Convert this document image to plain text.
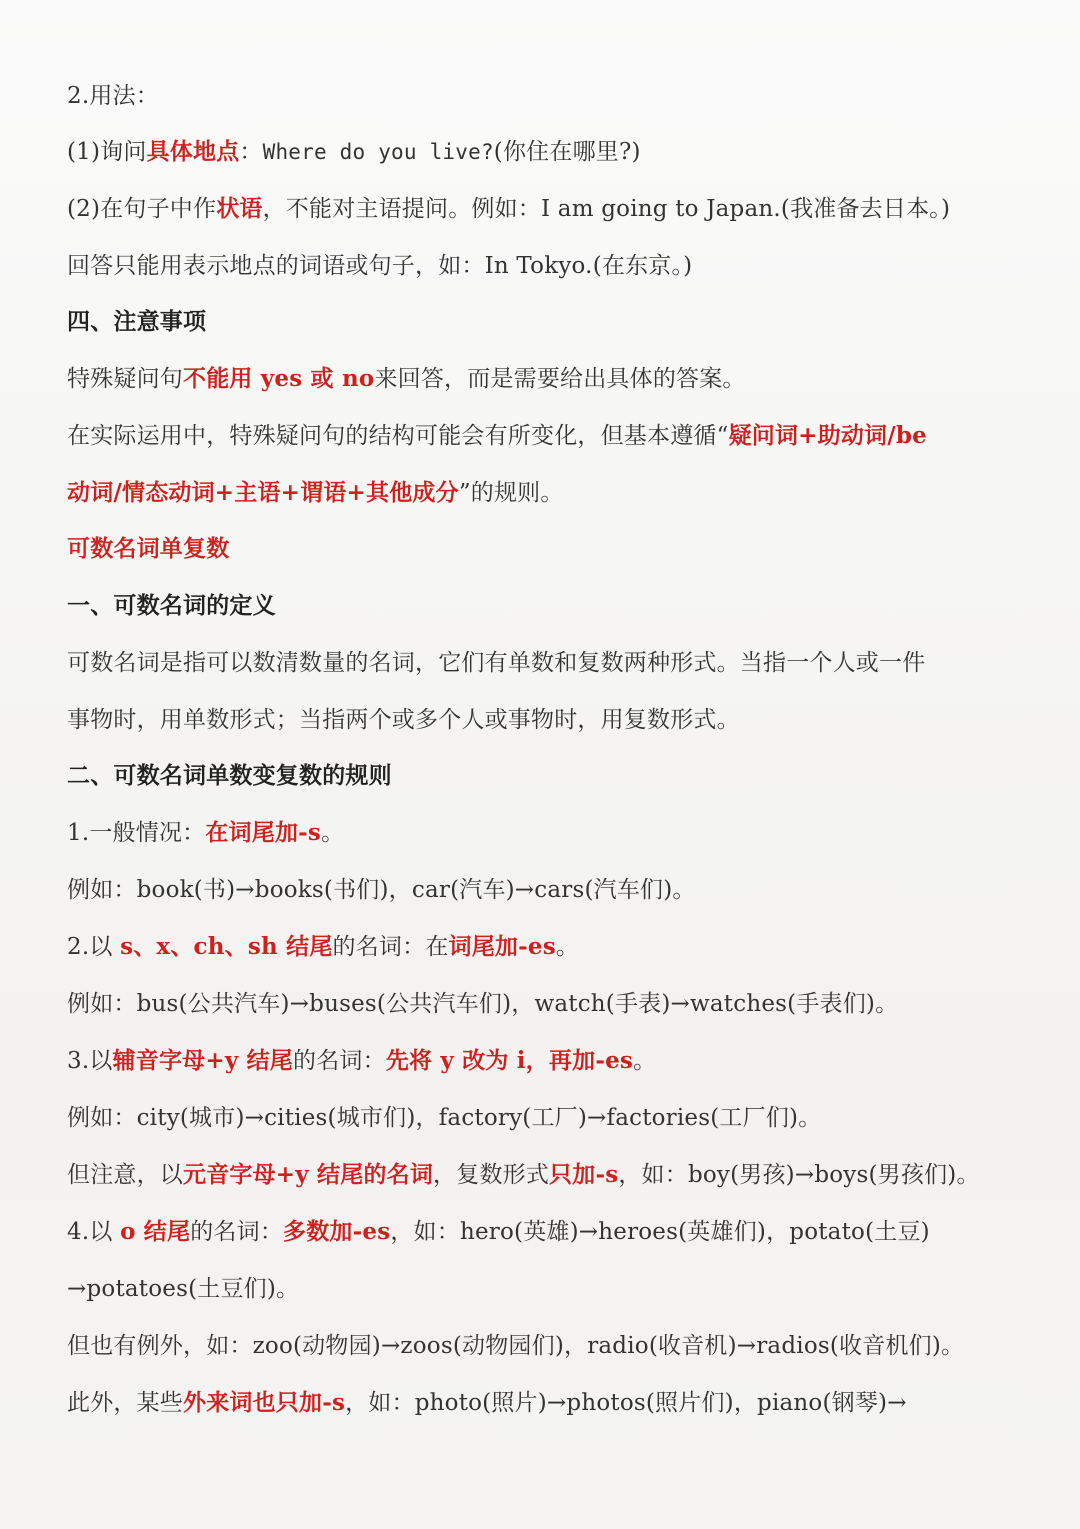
2.用法：
(1)询问具体地点：Where do you live?(你住在哪里?)
(2)在句子中作状语，不能对主语提问。例如：I am going to Japan.(我准备去日本。)
回答只能用表示地点的词语或句子，如：In Tokyo.(在东京。)
四、注意事项
特殊疑问句不能用 yes 或 no来回答，而是需要给出具体的答案。
在实际运用中，特殊疑问句的结构可能会有所变化，但基本遵循“疑问词+助动词/be
动词/情态动词+主语+谓语+其他成分”的规则。
可数名词单复数
一、可数名词的定义
可数名词是指可以数清数量的名词，它们有单数和复数两种形式。当指一个人或一件
事物时，用单数形式；当指两个或多个人或事物时，用复数形式。
二、可数名词单数变复数的规则
1.一般情况：在词尾加-s。
例如：book(书)→books(书们)，car(汽车)→cars(汽车们)。
2.以 s、x、ch、sh 结尾的名词：在词尾加-es。
例如：bus(公共汽车)→buses(公共汽车们)，watch(手表)→watches(手表们)。
3.以辅音字母+y 结尾的名词：先将 y 改为 i，再加-es。
例如：city(城市)→cities(城市们)，factory(工厂)→factories(工厂们)。
但注意，以元音字母+y 结尾的名词，复数形式只加-s，如：boy(男孩)→boys(男孩们)。
4.以 o 结尾的名词：多数加-es，如：hero(英雄)→heroes(英雄们)，potato(土豆)
→potatoes(土豆们)。
但也有例外，如：zoo(动物园)→zoos(动物园们)，radio(收音机)→radios(收音机们)。
此外，某些外来词也只加-s，如：photo(照片)→photos(照片们)，piano(钢琴)→
